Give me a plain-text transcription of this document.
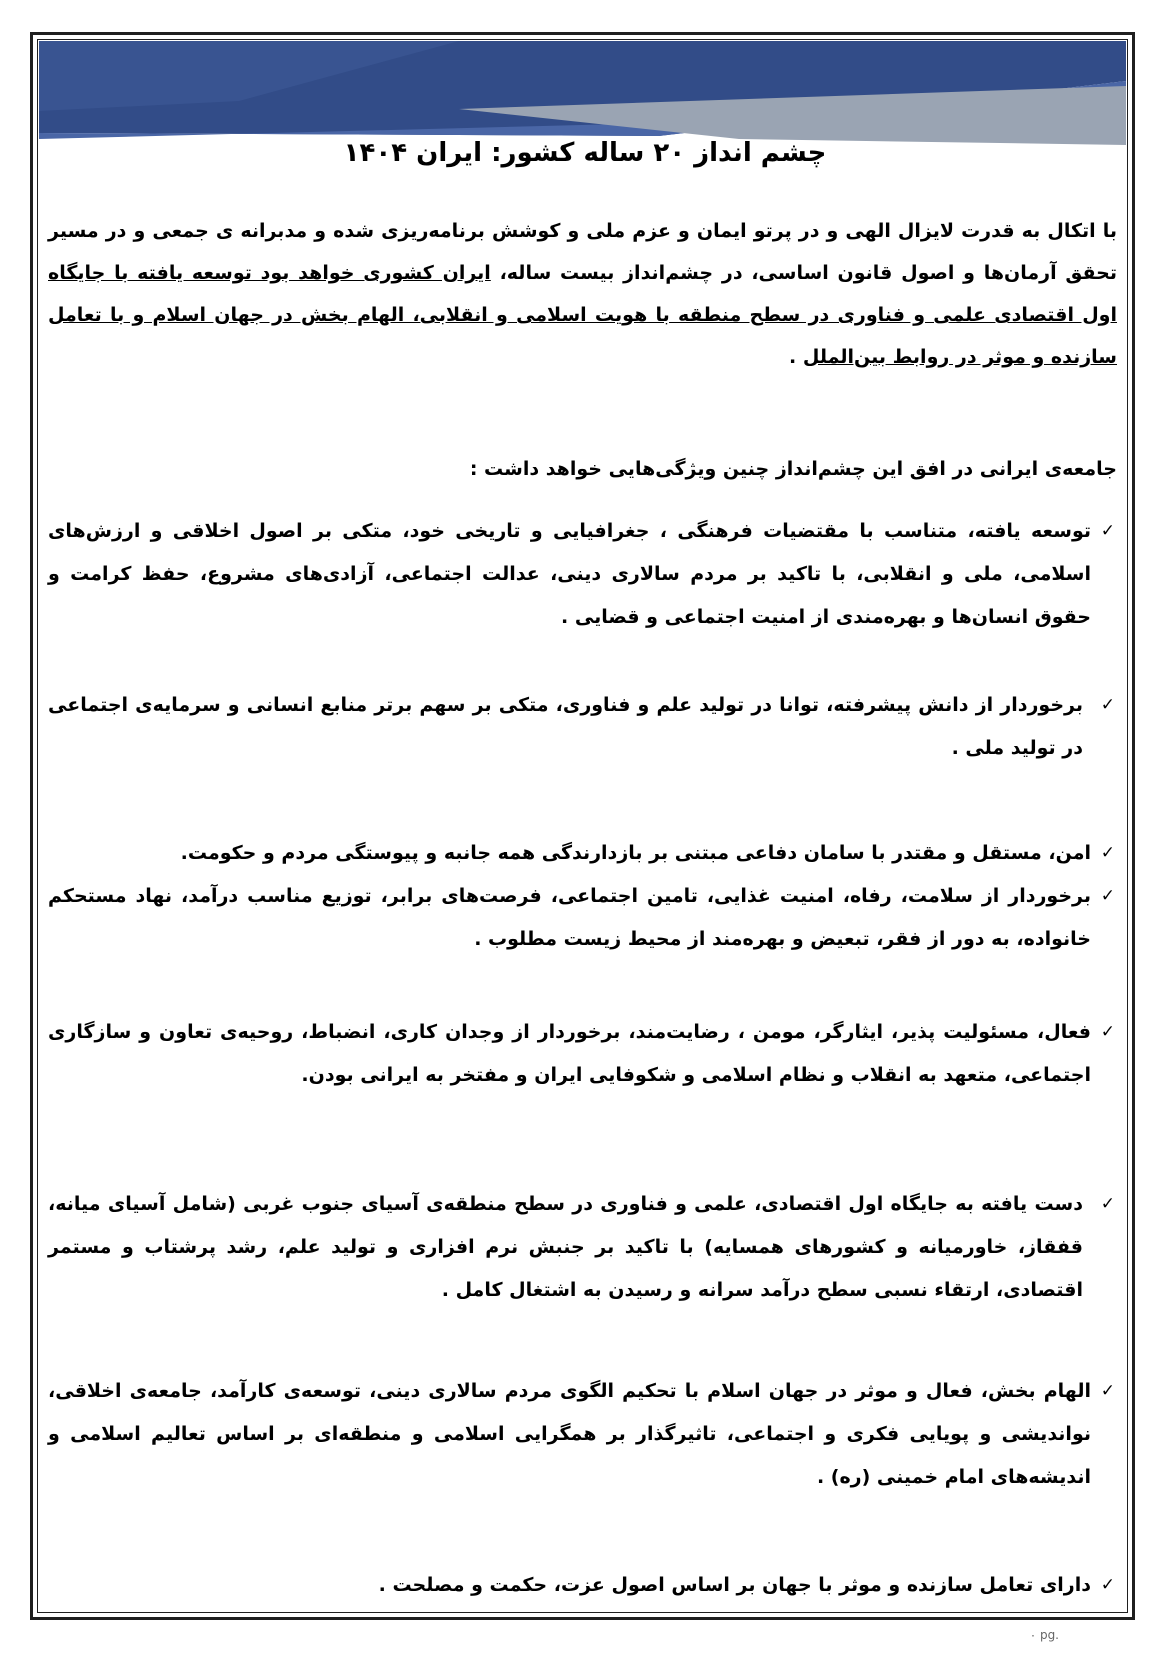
چشم انداز ۲۰ ساله کشور: ایران ۱۴۰۴

با اتکال به قدرت لایزال الهی و در پرتو ایمان و عزم ملی و کوشش برنامه‌ریزی شده و مدبرانه ی جمعی و در مسیر تحقق آرمان‌ها و اصول قانون اساسی، در چشم‌انداز بیست ساله، ایران کشوری خواهد بود توسعه یافته با جایگاه اول اقتصادی علمی و فناوری در سطح منطقه با هویت اسلامی و انقلابی، الهام بخش در جهان اسلام و با تعامل سازنده و موثر در روابط بین‌الملل .

جامعه‌ی ایرانی در افق این چشم‌انداز چنین ویژگی‌هایی خواهد داشت :

✓
توسعه یافته، متناسب با مقتضیات فرهنگی ، جغرافیایی و تاریخی خود، متکی بر اصول اخلاقی و ارزش‌های اسلامی، ملی و انقلابی، با تاکید بر مردم سالاری دینی، عدالت اجتماعی، آزادی‌های مشروع، حفظ کرامت و حقوق انسان‌ها و بهره‌مندی از امنیت اجتماعی و قضایی .
✓
برخوردار از دانش پیشرفته، توانا در تولید علم و فناوری، متکی بر سهم برتر منابع انسانی و سرمایه‌ی اجتماعی در تولید ملی .
✓
امن، مستقل و مقتدر با سامان دفاعی مبتنی بر بازدارندگی همه جانبه و پیوستگی مردم و حکومت.
✓
برخوردار از سلامت، رفاه، امنیت غذایی، تامین اجتماعی، فرصت‌های برابر، توزیع مناسب درآمد، نهاد مستحکم خانواده، به دور از فقر، تبعیض و بهره‌مند از محیط زیست مطلوب .
✓
فعال، مسئولیت پذیر، ایثارگر، مومن ، رضایت‌مند، برخوردار از وجدان کاری، انضباط، روحیه‌ی تعاون و سازگاری اجتماعی، متعهد به انقلاب و نظام اسلامی و شکوفایی ایران و مفتخر به ایرانی بودن.
✓
دست یافته به جایگاه اول اقتصادی، علمی و فناوری در سطح منطقه‌ی آسیای جنوب غربی (شامل آسیای میانه، قفقاز، خاورمیانه و کشورهای همسایه) با تاکید بر جنبش نرم افزاری و تولید علم، رشد پرشتاب و مستمر اقتصادی، ارتقاء نسبی سطح درآمد سرانه و رسیدن به اشتغال کامل .
✓
الهام بخش، فعال و موثر در جهان اسلام با تحکیم الگوی مردم سالاری دینی، توسعه‌ی کارآمد، جامعه‌ی اخلاقی، نواندیشی و پویایی فکری و اجتماعی، تاثیرگذار بر همگرایی اسلامی و منطقه‌ای بر اساس تعالیم اسلامی و اندیشه‌های امام خمینی (ره) .
✓
دارای تعامل سازنده و موثر با جهان بر اساس اصول عزت، حکمت و مصلحت .
۰ pg.
